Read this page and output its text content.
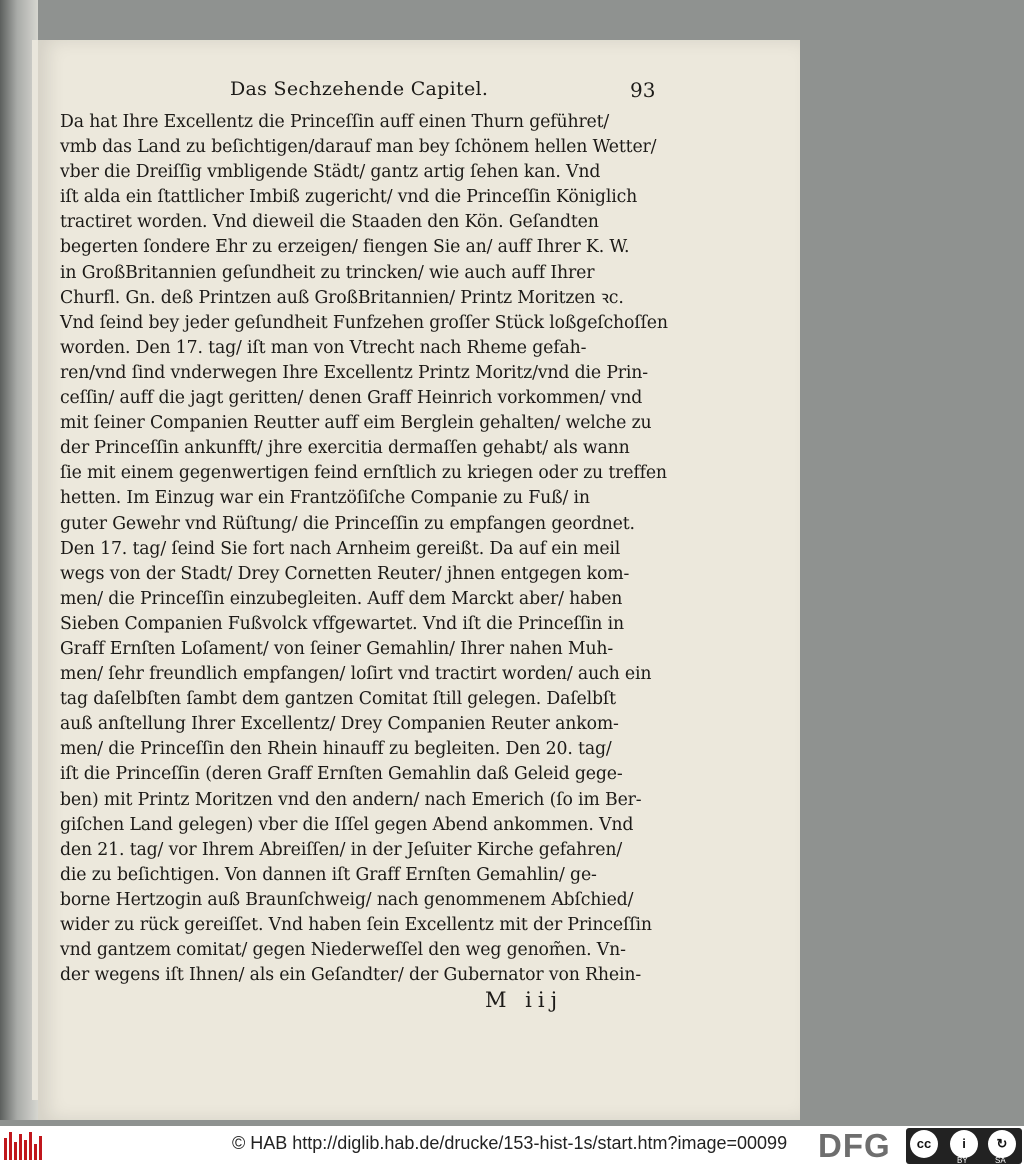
Das Sechzehende Capitel.	93
Da hat Ihre Excellentz die Princeſſin auff einen Thurn geführet/
vmb das Land zu beſichtigen/darauf man bey ſchönem hellen Wetter/
vber die Dreiſſig vmbligende Städt/ gantz artig ſehen kan. Vnd
iſt alda ein ſtattlicher Imbiß zugericht/ vnd die Princeſſin Königlich
tractiret worden. Vnd dieweil die Staaden den Kön. Geſandten
begerten ſondere Ehr zu erzeigen/ fiengen Sie an/ auff Ihrer K. W.
in GroßBritannien geſundheit zu trincken/ wie auch auff Ihrer
Churfl. Gn. deß Printzen auß GroßBritannien/ Printz Moritzen ꝛc.
Vnd ſeind bey jeder geſundheit Funfzehen groſſer Stück loßgeſchoſſen
worden. Den 17. tag/ iſt man von Vtrecht nach Rheme gefah-
ren/vnd ſind vnderwegen Ihre Excellentz Printz Moritz/vnd die Prin-
ceſſin/ auff die jagt geritten/ denen Graff Heinrich vorkommen/ vnd
mit ſeiner Companien Reutter auff eim Berglein gehalten/ welche zu
der Princeſſin ankunfft/ jhre exercitia dermaſſen gehabt/ als wann
ſie mit einem gegenwertigen feind ernſtlich zu kriegen oder zu treffen
hetten. Im Einzug war ein Frantzöſiſche Companie zu Fuß/ in
guter Gewehr vnd Rüſtung/ die Princeſſin zu empfangen geordnet.
Den 17. tag/ ſeind Sie fort nach Arnheim gereißt. Da auf ein meil
wegs von der Stadt/ Drey Cornetten Reuter/ jhnen entgegen kom-
men/ die Princeſſin einzubegleiten. Auff dem Marckt aber/ haben
Sieben Companien Fußvolck vffgewartet. Vnd iſt die Princeſſin in
Graff Ernſten Loſament/ von ſeiner Gemahlin/ Ihrer nahen Muh-
men/ ſehr freundlich empfangen/ loſirt vnd tractirt worden/ auch ein
tag daſelbſten ſambt dem gantzen Comitat ſtill gelegen. Daſelbſt
auß anſtellung Ihrer Excellentz/ Drey Companien Reuter ankom-
men/ die Princeſſin den Rhein hinauff zu begleiten. Den 20. tag/
iſt die Princeſſin (deren Graff Ernſten Gemahlin daß Geleid gege-
ben) mit Printz Moritzen vnd den andern/ nach Emerich (ſo im Ber-
giſchen Land gelegen) vber die Iſſel gegen Abend ankommen. Vnd
den 21. tag/ vor Ihrem Abreiſſen/ in der Jeſuiter Kirche gefahren/
die zu beſichtigen. Von dannen iſt Graff Ernſten Gemahlin/ ge-
borne Hertzogin auß Braunſchweig/ nach genommenem Abſchied/
wider zu rück gereiſſet. Vnd haben ſein Excellentz mit der Princeſſin
vnd gantzem comitat/ gegen Niederweſſel den weg genom̃en. Vn-
der wegens iſt Ihnen/ als ein Geſandter/ der Gubernator von Rhein-
M iij
© HAB http://diglib.hab.de/drucke/153-hist-1s/start.htm?image=00099 DFG	cc	i	↻
BY	SA
